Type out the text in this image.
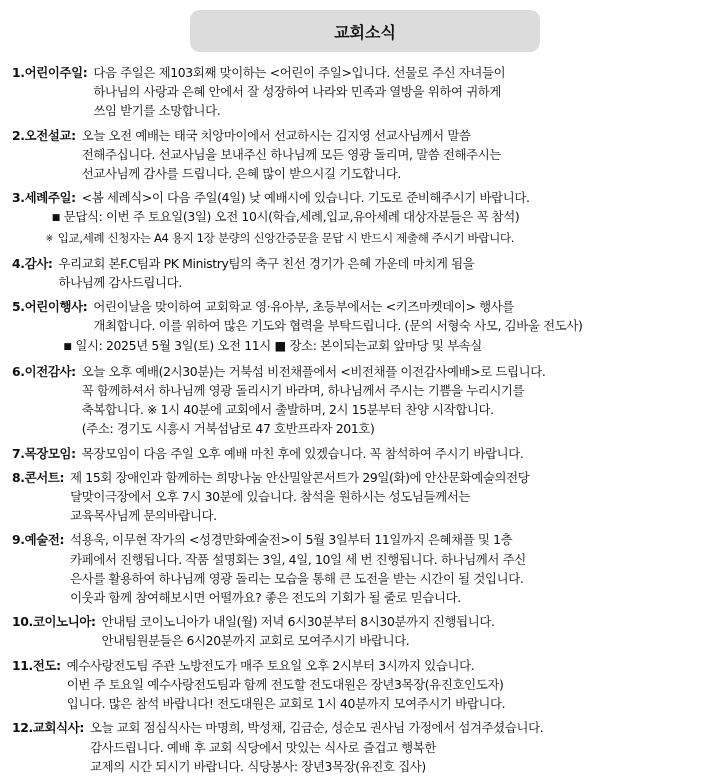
교회소식
1.어린이주일: 다음 주일은 제103회째 맞이하는 <어린이 주일>입니다. 선물로 주신 자녀들이
하나님의 사랑과 은혜 안에서 잘 성장하여 나라와 민족과 열방을 위하여 귀하게
쓰임 받기를 소망합니다.
2.오전설교: 오늘 오전 예배는 태국 치앙마이에서 선교하시는 김지영 선교사님께서 말씀
전해주십니다. 선교사님을 보내주신 하나님께 모든 영광 돌리며, 말씀 전해주시는
선교사님께 감사를 드립니다. 은혜 많이 받으시길 기도합니다.
3.세례주일: <봄 세례식>이 다음 주일(4일) 낮 예배시에 있습니다. 기도로 준비해주시기 바랍니다.
■ 문답식: 이번 주 토요일(3일) 오전 10시(학습,세례,입교,유아세례 대상자분들은 꼭 참석)
※ 입교,세례 신청자는 A4 용지 1장 분량의 신앙간증문을 문답 시 반드시 제출해 주시기 바랍니다.
4.감사: 우리교회 본F.C팀과 PK Ministry팀의 축구 친선 경기가 은혜 가운데 마치게 됨을
하나님께 감사드립니다.
5.어린이행사: 어린이날을 맞이하여 교회학교 영·유아부, 초등부에서는 <키즈마켓데이> 행사를
개최합니다. 이를 위하여 많은 기도와 협력을 부탁드립니다. (문의 서형숙 사모, 김바울 전도사)
■ 일시: 2025년 5월 3일(토) 오전 11시 ■ 장소: 본이되는교회 앞마당 및 부속실
6.이전감사: 오늘 오후 예배(2시30분)는 거북섬 비전채플에서 <비전채플 이전감사예배>로 드립니다.
꼭 함께하셔서 하나님께 영광 돌리시기 바라며, 하나님께서 주시는 기쁨을 누리시기를
축복합니다. ※ 1시 40분에 교회에서 출발하며, 2시 15분부터 찬양 시작합니다.
(주소: 경기도 시흥시 거북섬남로 47 호반프라자 201호)
7.목장모임: 목장모임이 다음 주일 오후 예배 마친 후에 있겠습니다. 꼭 참석하여 주시기 바랍니다.
8.콘서트: 제 15회 장애인과 함께하는 희망나눔 안산밀알콘서트가 29일(화)에 안산문화예술의전당
달맞이극장에서 오후 7시 30분에 있습니다. 참석을 원하시는 성도님들께서는
교육목사님께 문의바랍니다.
9.예술전: 석용욱, 이무현 작가의 <성경만화예술전>이 5월 3일부터 11일까지 은혜채플 및 1층
카페에서 진행됩니다. 작품 설명회는 3일, 4일, 10일 세 번 진행됩니다. 하나님께서 주신
은사를 활용하여 하나님께 영광 돌리는 모습을 통해 큰 도전을 받는 시간이 될 것입니다.
이웃과 함께 참여해보시면 어떨까요? 좋은 전도의 기회가 될 줄로 믿습니다.
10.코이노니아: 안내팀 코이노니아가 내일(월) 저녁 6시30분부터 8시30분까지 진행됩니다.
안내팀원분들은 6시20분까지 교회로 모여주시기 바랍니다.
11.전도: 예수사랑전도팀 주관 노방전도가 매주 토요일 오후 2시부터 3시까지 있습니다.
이번 주 토요일 예수사랑전도팀과 함께 전도할 전도대원은 장년3목장(유진호인도자)
입니다. 많은 참석 바랍니다! 전도대원은 교회로 1시 40분까지 모여주시기 바랍니다.
12.교회식사: 오늘 교회 점심식사는 마명희, 박성채, 김금순, 성순모 권사님 가정에서 섬겨주셨습니다.
감사드립니다. 예배 후 교회 식당에서 맛있는 식사로 즐겁고 행복한
교제의 시간 되시기 바랍니다. 식당봉사: 장년3목장(유진호 집사)
